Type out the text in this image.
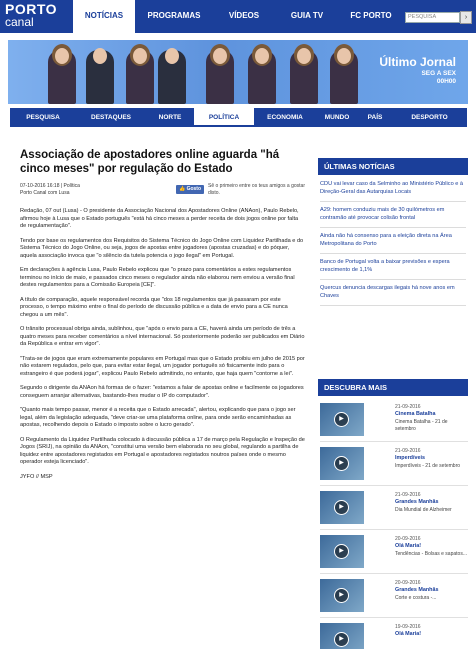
PORTO
canal	NOTÍCIAS	PROGRAMAS	VÍDEOS	GUIA TV	FC PORTO	PESQUISA	›
Último Jornal
SEG A SEX
00H00
PESQUISA	DESTAQUES	NORTE	POLÍTICA	ECONOMIA	MUNDO	PAÍS	DESPORTO
Associação de apostadores online aguarda "há cinco meses" por regulação do Estado
07-10-2016 16:18 | Política
Porto Canal com Lusa
👍 Gosto	Sê o primeiro entre os teus amigos a gostar disto.

Redação, 07 out (Lusa) - O presidente da Associação Nacional dos Apostadores Online (ANAon), Paulo Rebelo, afirmou hoje à Lusa que o Estado português "está há cinco meses a perder receita de dois jogos online por falta de regulamentação".

Tendo por base os regulamentos dos Requisitos do Sistema Técnico do Jogo Online com Liquidez Partilhada e do Sistema Técnico do Jogo Online, ou seja, jogos de apostas entre jogadores (apostas cruzadas) e do póquer, aquela associação invoca que "o silêncio da tutela potencia o jogo ilegal" em Portugal.

Em declarações à agência Lusa, Paulo Rebelo explicou que "o prazo para comentários a estes regulamentos terminou no início de maio, e passados cinco meses o regulador ainda não elaborou nem enviou a versão final destes regulamentos para a Comissão Europeia [CE]".

A título de comparação, aquele responsável recorda que "dos 18 regulamentos que já passaram por este processo, o tempo máximo entre o final do período de discussão pública e a data de envio para a CE nunca chegou a um mês".

O trânsito processual obriga ainda, sublinhou, que "após o envio para a CE, haverá ainda um período de três a quatro meses para receber comentários a nível internacional. Só posteriormente poderão ser publicados em Diário da República e entrar em vigor".

"Trata-se de jogos que eram extremamente populares em Portugal mas que o Estado proibiu em julho de 2015 por não estarem regulados, pelo que, para evitar estar ilegal, um jogador português só fisicamente indo para o estrangeiro é que poderá jogar", explicou Paulo Rebelo admitindo, no entanto, que haja quem "contorne a lei".

Segundo o dirigente da ANAon há formas de o fazer: "estamos a falar de apostas online e facilmente os jogadores conseguem arranjar alternativas, bastando-lhes mudar o IP do computador".

"Quanto mais tempo passar, menor é a receita que o Estado arrecada", alertou, explicando que para o jogo ser legal, além da legislação adequada, "deve criar-se uma plataforma online, para onde serão encaminhadas as apostas, recolhendo depois o Estado o imposto sobre o lucro gerado".

O Regulamento da Liquidez Partilhada colocado à discussão pública a 17 de março pela Regulação e Inspeção de Jogos (SRIJ), na opinião da ANAon, "constitui uma versão bem elaborada no seu global, regulando a partilha de liquidez entre apostadores registados em Portugal e apostadores registados noutros países onde o mesmo operador esteja licenciado".

JYFO // MSP

ÚLTIMAS NOTÍCIAS
CDU vai levar caso da Selminho ao Ministério Público e à Direção-Geral das Autarquias Locais
A29: homem conduziu mais de 30 quilómetros em contramão até provocar colisão frontal
Ainda não há consenso para a eleição direta na Área Metropolitana do Porto
Banco de Portugal volta a baixar previsões e espera crescimento de 1,1%
Quercus denuncia descargas ilegais há nove anos em Chaves
DESCUBRA MAIS
▶
21-09-2016
Cinema Batalha
Cinema Batalha - 21 de setembro
▶
21-09-2016
Imperdíveis
Imperdíveis - 21 de setembro
▶
21-09-2016
Grandes Manhãs
Dia Mundial de Alzheimer
▶
20-09-2016
Olá Maria!
Tendências - Bolsas e sapatos...
▶
20-09-2016
Grandes Manhãs
Corte e costura -...
▶
19-09-2016
Olá Maria!
